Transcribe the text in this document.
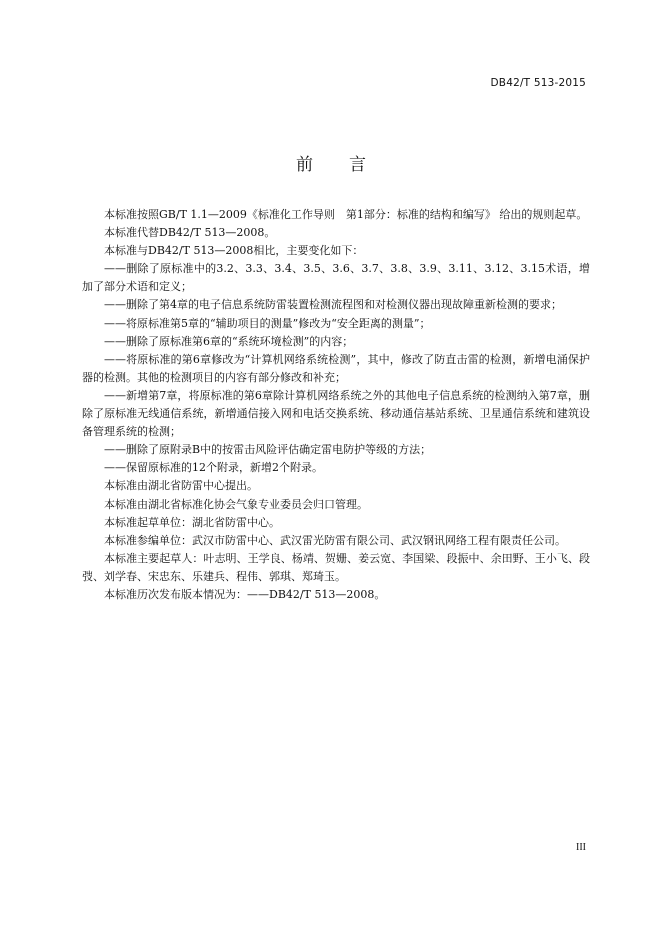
DB42/T 513-2015
前言

本标准按照GB/T 1.1—2009《标准化工作导则　第1部分：标准的结构和编写》 给出的规则起草。

本标准代替DB42/T 513—2008。

本标准与DB42/T 513—2008相比，主要变化如下：

——删除了原标准中的3.2、3.3、3.4、3.5、3.6、3.7、3.8、3.9、3.11、3.12、3.15术语，增加了部分术语和定义；

——删除了第4章的电子信息系统防雷装置检测流程图和对检测仪器出现故障重新检测的要求；

——将原标准第5章的“辅助项目的测量”修改为“安全距离的测量”；

——删除了原标准第6章的“系统环境检测”的内容；

——将原标准的第6章修改为“计算机网络系统检测”，其中，修改了防直击雷的检测，新增电涌保护器的检测。其他的检测项目的内容有部分修改和补充；

——新增第7章，将原标准的第6章除计算机网络系统之外的其他电子信息系统的检测纳入第7章，删除了原标准无线通信系统，新增通信接入网和电话交换系统、移动通信基站系统、卫星通信系统和建筑设备管理系统的检测；

——删除了原附录B中的按雷击风险评估确定雷电防护等级的方法；

——保留原标准的12个附录，新增2个附录。

本标准由湖北省防雷中心提出。

本标准由湖北省标准化协会气象专业委员会归口管理。

本标准起草单位：湖北省防雷中心。

本标准参编单位：武汉市防雷中心、武汉雷光防雷有限公司、武汉钢讯网络工程有限责任公司。

本标准主要起草人：叶志明、王学良、杨靖、贺姗、姜云宽、李国梁、段振中、余田野、王小飞、段弢、刘学春、宋忠东、乐建兵、程伟、郭琪、郑琦玉。

本标准历次发布版本情况为：——DB42/T 513—2008。

III
